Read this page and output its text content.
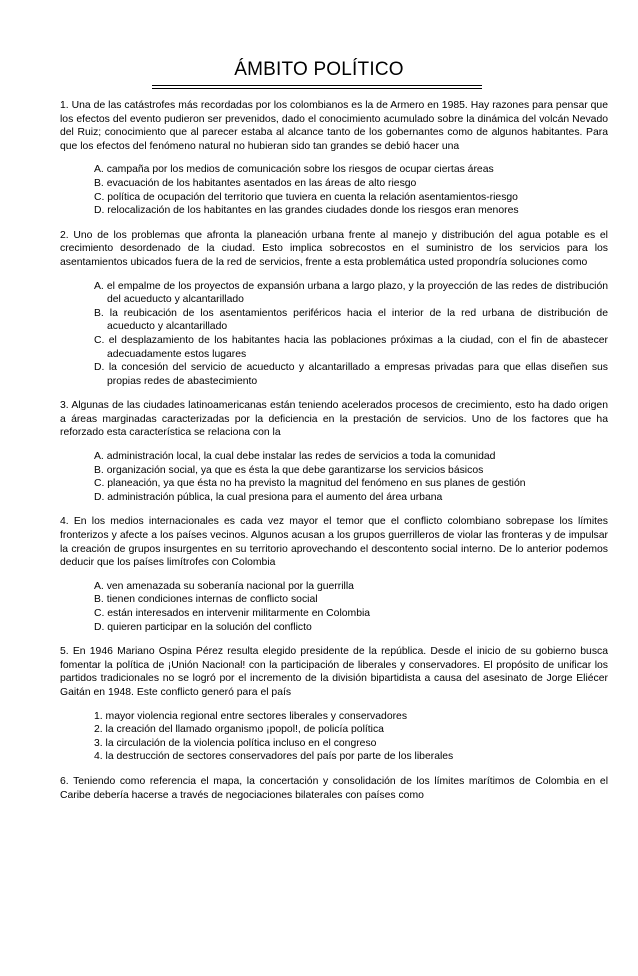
ÁMBITO POLÍTICO

1. Una de las catástrofes más recordadas por los colombianos es la de Armero en 1985. Hay razones para pensar que los efectos del evento pudieron ser prevenidos, dado el conocimiento acumulado sobre la dinámica del volcán Nevado del Ruiz; conocimiento que al parecer estaba al alcance tanto de los gobernantes como de algunos habitantes. Para que los efectos del fenómeno natural no hubieran sido tan grandes se debió hacer una

A. campaña por los medios de comunicación sobre los riesgos de ocupar ciertas áreas
B. evacuación de los habitantes asentados en las áreas de alto riesgo
C. política de ocupación del territorio que tuviera en cuenta la relación asentamientos-riesgo
D. relocalización de los habitantes en las grandes ciudades donde los riesgos eran menores

2. Uno de los problemas que afronta la planeación urbana frente al manejo y distribución del agua potable es el crecimiento desordenado de la ciudad. Esto implica sobrecostos en el suministro de los servicios para los asentamientos ubicados fuera de la red de servicios, frente a esta problemática usted propondría soluciones como

A. el empalme de los proyectos de expansión urbana a largo plazo, y la proyección de las redes de distribución del acueducto y alcantarillado
B. la reubicación de los asentamientos periféricos hacia el interior de la red urbana de distribución de acueducto y alcantarillado
C. el desplazamiento de los habitantes hacia las poblaciones próximas a la ciudad, con el fin de abastecer adecuadamente estos lugares
D. la concesión del servicio de acueducto y alcantarillado a empresas privadas para que ellas diseñen sus propias redes de abastecimiento

3. Algunas de las ciudades latinoamericanas están teniendo acelerados procesos de crecimiento, esto ha dado origen a áreas marginadas caracterizadas por la deficiencia en la prestación de servicios. Uno de los factores que ha reforzado esta característica se relaciona con la

A. administración local, la cual debe instalar las redes de servicios a toda la comunidad
B. organización social, ya que es ésta la que debe garantizarse los servicios básicos
C. planeación, ya que ésta no ha previsto la magnitud del fenómeno en sus planes de gestión
D. administración pública, la cual presiona para el aumento del área urbana

4. En los medios internacionales es cada vez mayor el temor que el conflicto colombiano sobrepase los límites fronterizos y afecte a los países vecinos. Algunos acusan a los grupos guerrilleros de violar las fronteras y de impulsar la creación de grupos insurgentes en su territorio aprovechando el descontento social interno. De lo anterior podemos deducir que los países limítrofes con Colombia

A. ven amenazada su soberanía nacional por la guerrilla
B. tienen condiciones internas de conflicto social
C. están interesados en intervenir militarmente en Colombia
D. quieren participar en la solución del conflicto

5. En 1946 Mariano Ospina Pérez resulta elegido presidente de la república. Desde el inicio de su gobierno busca fomentar la política de ¡Unión Nacional! con la participación de liberales y conservadores. El propósito de unificar los partidos tradicionales no se logró por el incremento de la división bipartidista a causa del asesinato de Jorge Eliécer Gaitán en 1948. Este conflicto generó para el país

1. mayor violencia regional entre sectores liberales y conservadores
2. la creación del llamado organismo ¡popol!, de policía política
3. la circulación de la violencia política incluso en el congreso
4. la destrucción de sectores conservadores del país por parte de los liberales

6. Teniendo como referencia el mapa, la concertación y consolidación de los límites marítimos de Colombia en el Caribe debería hacerse a través de negociaciones bilaterales con países como
